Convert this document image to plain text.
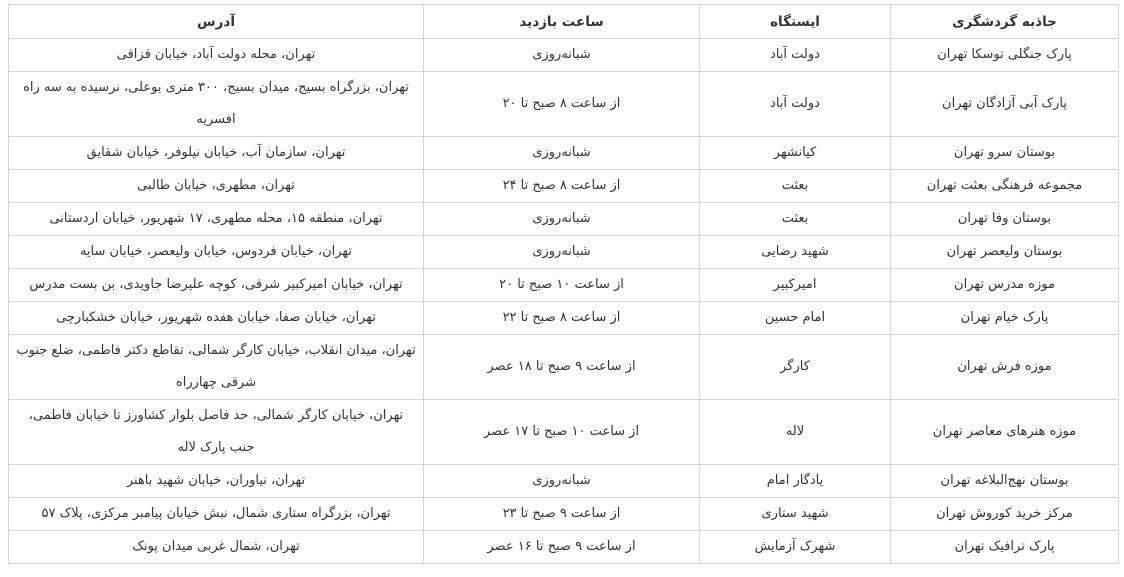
جاذبه گردشگری	ایستگاه	ساعت بازدید	آدرس
پارک جنگلی توسکا تهران	دولت آباد	شبانه‌روزی	تهران، محله دولت آباد، خیابان قزاقی
پارک آبی آزادگان تهران	دولت آباد	از ساعت ۸ صبح تا ۲۰	تهران، بزرگراه بسیج، میدان بسیج، ۳۰۰ متری بوعلی، نرسیده به سه راه افسریه
بوستان سرو تهران	کیانشهر	شبانه‌روزی	تهران، سازمان آب، خیابان نیلوفر، خیابان شقایق
مجموعه فرهنگی بعثت تهران	بعثت	از ساعت ۸ صبح تا ۲۴	تهران، مطهری، خیابان طالبی
بوستان وفا تهران	بعثت	شبانه‌روزی	تهران، منطقه ۱۵، محله مطهری، ۱۷ شهریور، خیابان اردستانی
بوستان ولیعصر تهران	شهید رضایی	شبانه‌روزی	تهران، خیابان فردوس، خیابان ولیعصر، خیابان سایه
موزه مدرس تهران	امیرکبیر	از ساعت ۱۰ صبح تا ۲۰	تهران، خیابان امیرکبیر شرقی، کوچه علیرضا جاویدی، بن بست مدرس
پارک خیام تهران	امام حسین	از ساعت ۸ صبح تا ۲۲	تهران، خیابان صفا، خیابان هفده شهریور، خیابان خشکبارچی
موزه فرش تهران	کارگر	از ساعت ۹ صبح تا ۱۸ عصر	تهران، میدان انقلاب، خیابان کارگر شمالی، تقاطع دکتر فاطمی، ضلع جنوب شرقی چهارراه
موزه هنرهای معاصر تهران	لاله	از ساعت ۱۰ صبح تا ۱۷ عصر	تهران، خیابان کارگر شمالی، حد فاصل بلوار کشاورز تا خیابان فاطمی، جنب پارک لاله
بوستان نهج‌البلاغه تهران	یادگار امام	شبانه‌روزی	تهران، نیاوران، خیابان شهید باهنر
مرکز خرید کوروش تهران	شهید ستاری	از ساعت ۹ صبح تا ۲۳	تهران، بزرگراه ستاری شمال، نبش خیابان پیامبر مرکزی، پلاک ۵۷
پارک ترافیک تهران	شهرک آزمایش	از ساعت ۹ صبح تا ۱۶ عصر	تهران، شمال غربی میدان پونک
